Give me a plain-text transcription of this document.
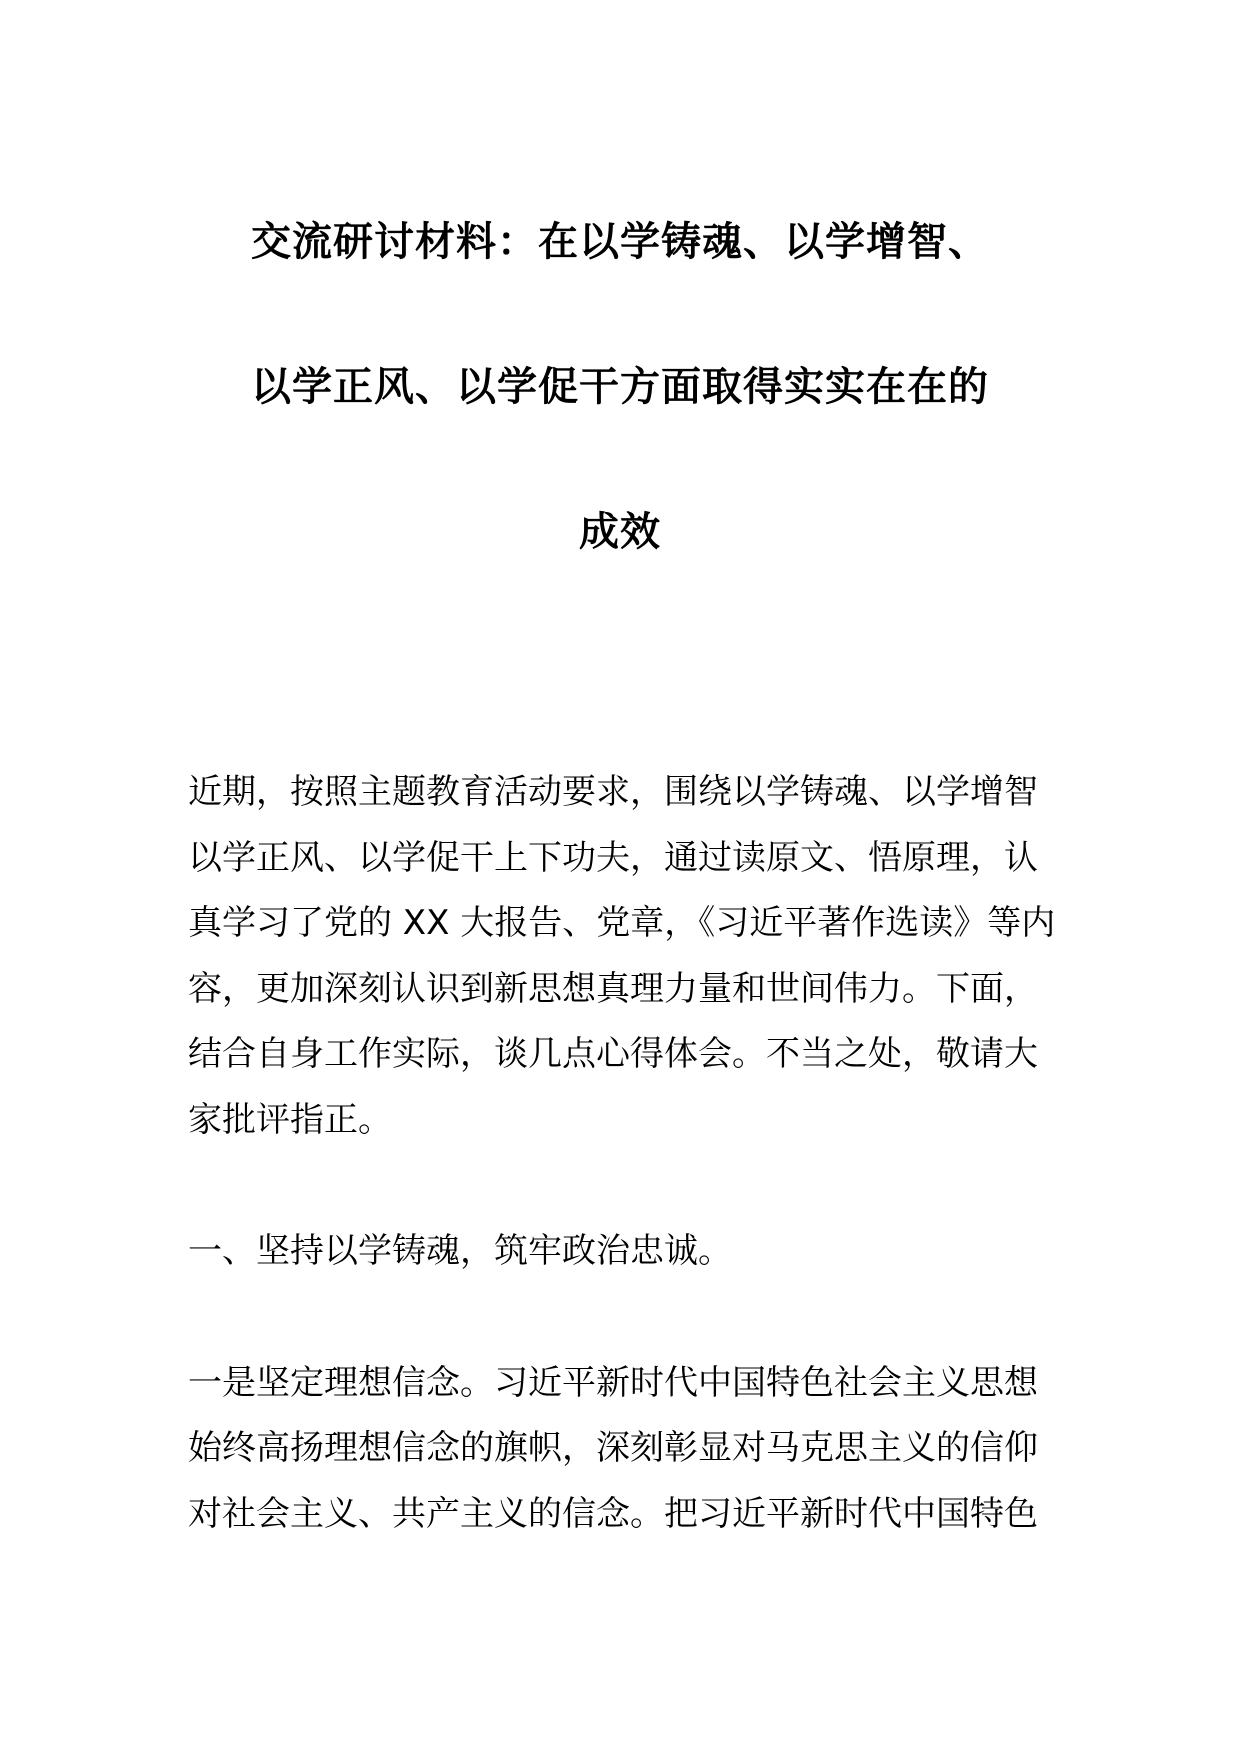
交流研讨材料：在以学铸魂、以学增智、
以学正风、以学促干方面取得实实在在的
成效

近期，按照主题教育活动要求，围绕以学铸魂、以学增智
以学正风、以学促干上下功夫，通过读原文、悟原理，认
真学习了党的 XX 大报告、党章，《习近平著作选读》等内
容，更加深刻认识到新思想真理力量和世间伟力。下面，
结合自身工作实际，谈几点心得体会。不当之处，敬请大
家批评指正。

一、坚持以学铸魂，筑牢政治忠诚。

一是坚定理想信念。习近平新时代中国特色社会主义思想
始终高扬理想信念的旗帜，深刻彰显对马克思主义的信仰
对社会主义、共产主义的信念。把习近平新时代中国特色
